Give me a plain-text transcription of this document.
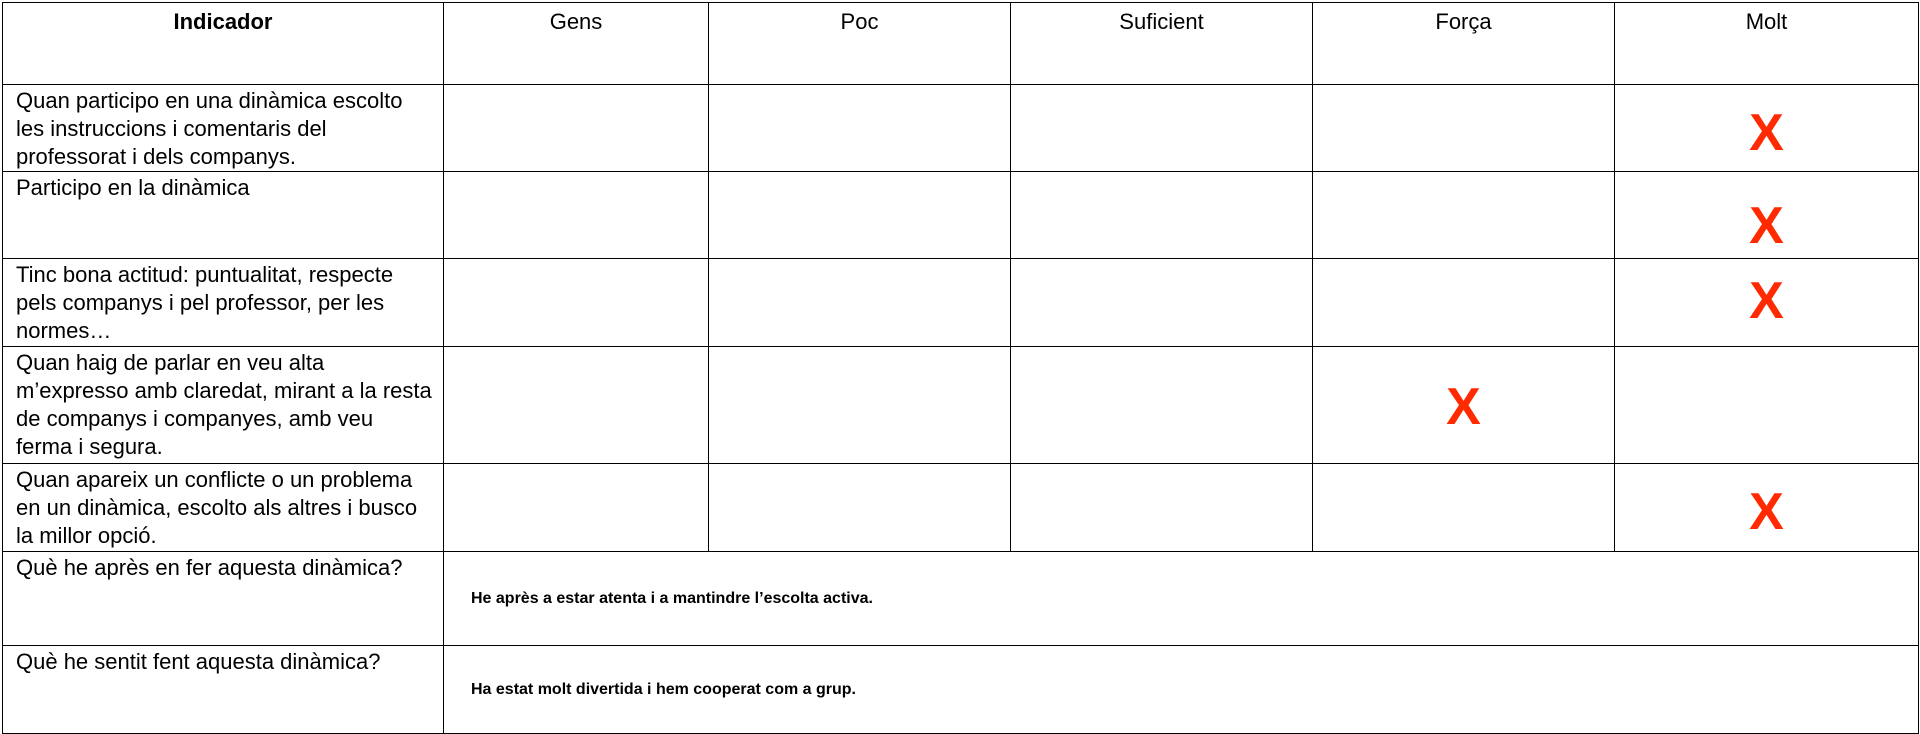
Indicador	Gens	Poc	Suficient	Força	Molt
Quan participo en una dinàmica escolto les instruccions i comentaris del professorat i dels companys.					X

Participo en la dinàmica					X

Tinc bona actitud: puntualitat, respecte pels companys i pel professor, per les normes…					X

Quan haig de parlar en veu alta m’expresso amb claredat, mirant a la resta de companys i companyes, amb veu ferma i segura.				X	

Quan apareix un conflicte o un problema en un dinàmica, escolto als altres i busco la millor opció.					X

Què he après en fer aquesta dinàmica?	He après a estar atenta i a mantindre l’escolta activa.				
Què he sentit fent aquesta dinàmica?	Ha estat molt divertida i hem cooperat com a grup.				
